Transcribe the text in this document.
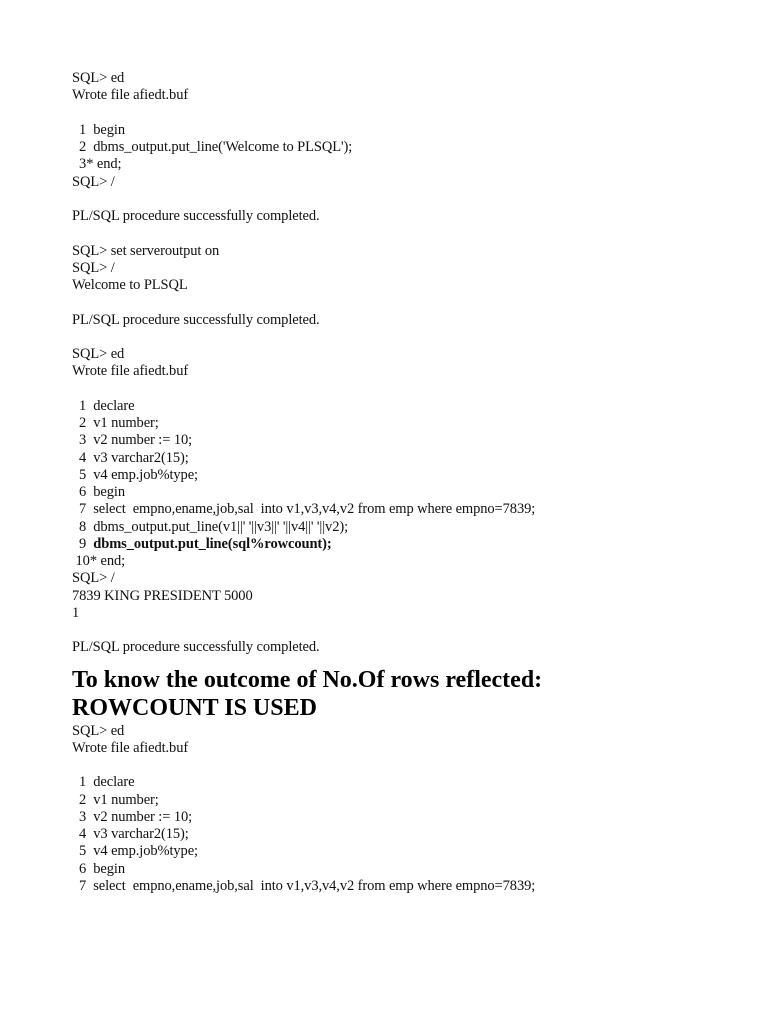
SQL> ed
Wrote file afiedt.buf
1  begin
2  dbms_output.put_line('Welcome to PLSQL');
3* end;
SQL> /
PL/SQL procedure successfully completed.
SQL> set serveroutput on
SQL> /
Welcome to PLSQL
PL/SQL procedure successfully completed.
SQL> ed
Wrote file afiedt.buf
1  declare
2  v1 number;
3  v2 number := 10;
4  v3 varchar2(15);
5  v4 emp.job%type;
6  begin
7  select  empno,ename,job,sal  into v1,v3,v4,v2 from emp where empno=7839;
8  dbms_output.put_line(v1||' '||v3||' '||v4||' '||v2);
9  dbms_output.put_line(sql%rowcount);
10* end;
SQL> /
7839 KING PRESIDENT 5000
1
PL/SQL procedure successfully completed.
To know the outcome of No.Of rows reflected:
ROWCOUNT IS USED
SQL> ed
Wrote file afiedt.buf
1  declare
2  v1 number;
3  v2 number := 10;
4  v3 varchar2(15);
5  v4 emp.job%type;
6  begin
7  select  empno,ename,job,sal  into v1,v3,v4,v2 from emp where empno=7839;
